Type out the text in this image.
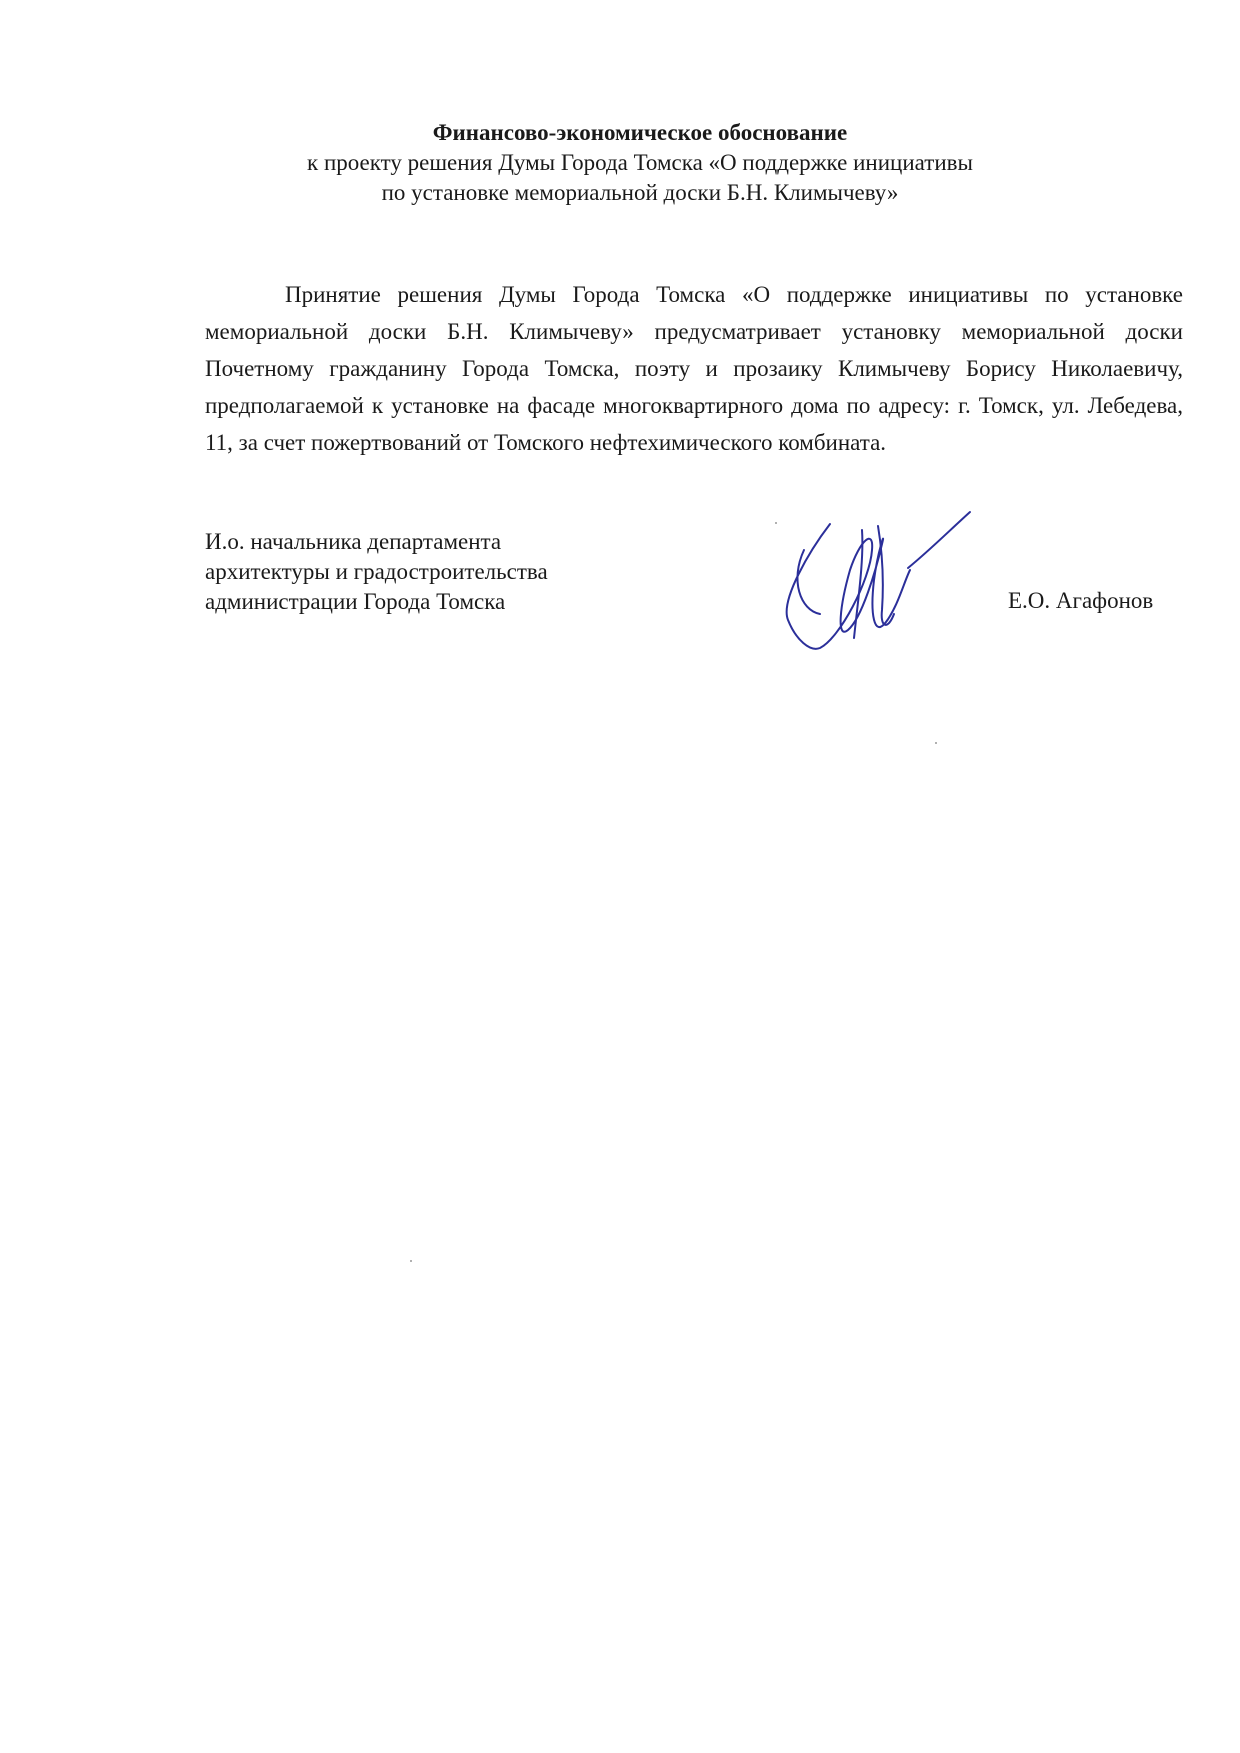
Финансово-экономическое обоснование
к проекту решения Думы Города Томска «О поддержке инициативы
по установке мемориальной доски Б.Н. Климычеву»

Принятие решения Думы Города Томска «О поддержке инициативы по установке мемориальной доски Б.Н. Климычеву» предусматривает установку мемориальной доски Почетному гражданину Города Томска, поэту и прозаику Климычеву Борису Николаевичу, предполагаемой к установке на фасаде многоквартирного дома по адресу: г. Томск, ул. Лебедева, 11, за счет пожертвований от Томского нефтехимического комбината.

И.о. начальника департамента
архитектуры и градостроительства
администрации Города Томска	Е.О. Агафонов
